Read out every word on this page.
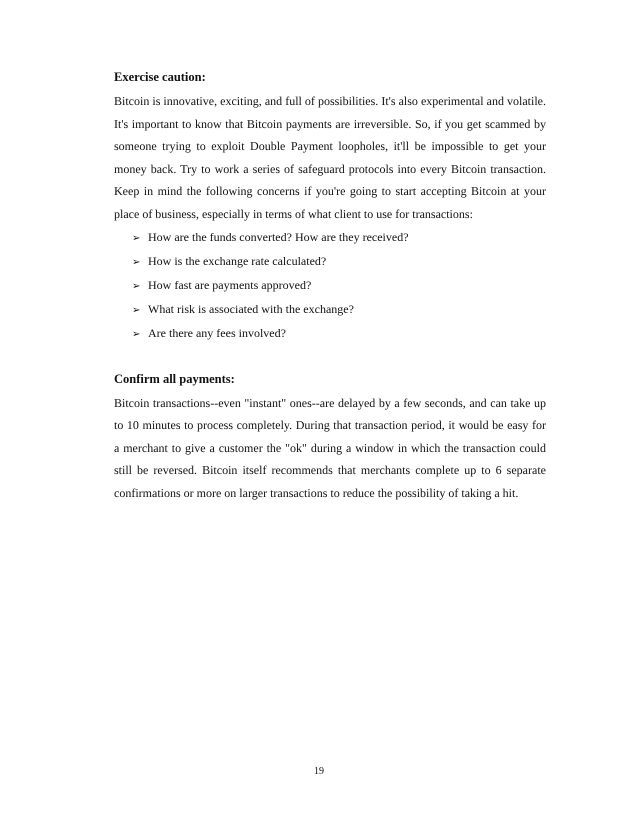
Exercise caution:

Bitcoin is innovative, exciting, and full of possibilities. It's also experimental and volatile. It's important to know that Bitcoin payments are irreversible. So, if you get scammed by someone trying to exploit Double Payment loopholes, it'll be impossible to get your money back. Try to work a series of safeguard protocols into every Bitcoin transaction. Keep in mind the following concerns if you're going to start accepting Bitcoin at your place of business, especially in terms of what client to use for transactions:

➢ How are the funds converted? How are they received?
➢ How is the exchange rate calculated?
➢ How fast are payments approved?
➢ What risk is associated with the exchange?
➢ Are there any fees involved?

Confirm all payments:

Bitcoin transactions--even "instant" ones--are delayed by a few seconds, and can take up to 10 minutes to process completely. During that transaction period, it would be easy for a merchant to give a customer the "ok" during a window in which the transaction could still be reversed. Bitcoin itself recommends that merchants complete up to 6 separate confirmations or more on larger transactions to reduce the possibility of taking a hit.

19
